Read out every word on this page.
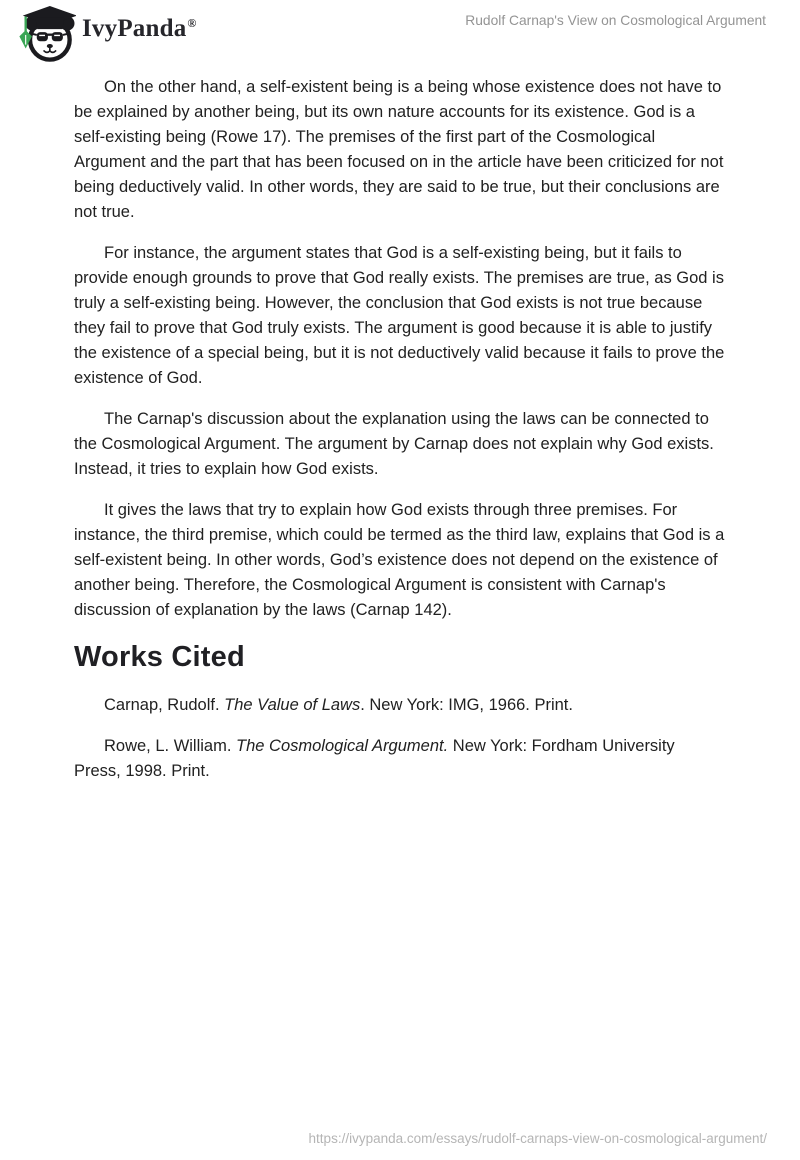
IvyPanda®	Rudolf Carnap's View on Cosmological Argument

On the other hand, a self-existent being is a being whose existence does not have to be explained by another being, but its own nature accounts for its existence. God is a self-existing being (Rowe 17). The premises of the first part of the Cosmological Argument and the part that has been focused on in the article have been criticized for not being deductively valid. In other words, they are said to be true, but their conclusions are not true.

For instance, the argument states that God is a self-existing being, but it fails to provide enough grounds to prove that God really exists. The premises are true, as God is truly a self-existing being. However, the conclusion that God exists is not true because they fail to prove that God truly exists. The argument is good because it is able to justify the existence of a special being, but it is not deductively valid because it fails to prove the existence of God.

The Carnap's discussion about the explanation using the laws can be connected to the Cosmological Argument. The argument by Carnap does not explain why God exists. Instead, it tries to explain how God exists.

It gives the laws that try to explain how God exists through three premises. For instance, the third premise, which could be termed as the third law, explains that God is a self-existent being. In other words, God’s existence does not depend on the existence of another being. Therefore, the Cosmological Argument is consistent with Carnap's discussion of explanation by the laws (Carnap 142).

Works Cited

Carnap, Rudolf. The Value of Laws. New York: IMG, 1966. Print.

Rowe, L. William. The Cosmological Argument. New York: Fordham University Press, 1998. Print.

https://ivypanda.com/essays/rudolf-carnaps-view-on-cosmological-argument/
